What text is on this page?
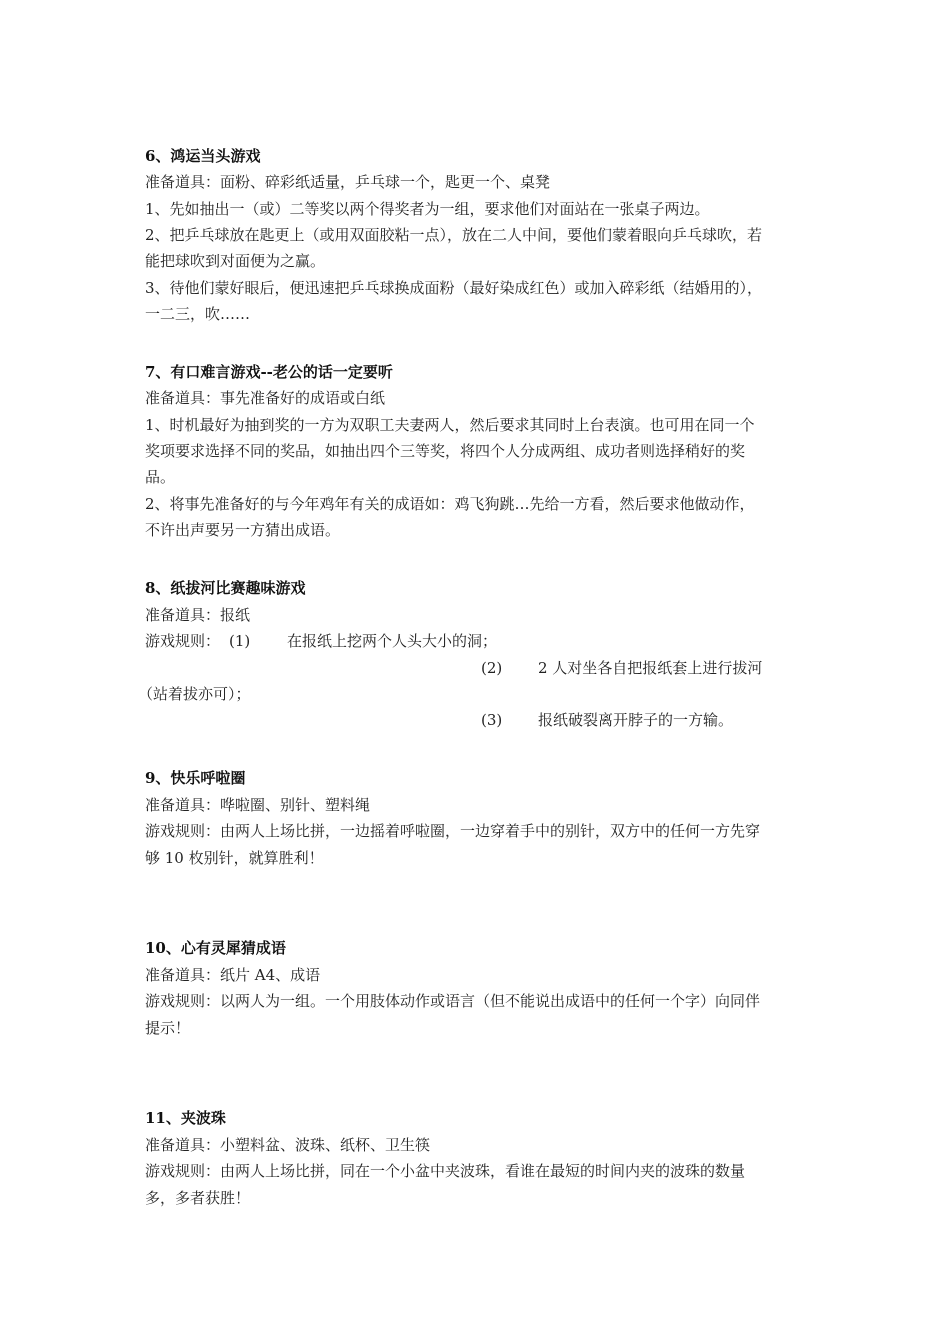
6、鸿运当头游戏
准备道具：面粉、碎彩纸适量，乒乓球一个，匙更一个、桌凳
1、先如抽出一（或）二等奖以两个得奖者为一组，要求他们对面站在一张桌子两边。
2、把乒乓球放在匙更上（或用双面胶粘一点），放在二人中间，要他们蒙着眼向乒乓球吹，若
能把球吹到对面便为之赢。
3、待他们蒙好眼后，便迅速把乒乓球换成面粉（最好染成红色）或加入碎彩纸（结婚用的），
一二三，吹……
7、有口难言游戏--老公的话一定要听
准备道具：事先准备好的成语或白纸
1、时机最好为抽到奖的一方为双职工夫妻两人，然后要求其同时上台表演。也可用在同一个
奖项要求选择不同的奖品，如抽出四个三等奖，将四个人分成两组、成功者则选择稍好的奖
品。
2、将事先准备好的与今年鸡年有关的成语如：鸡飞狗跳…先给一方看，然后要求他做动作，
不许出声要另一方猜出成语。
8、纸拔河比赛趣味游戏
准备道具：报纸
游戏规则： (1) 在报纸上挖两个人头大小的洞；
(2) 2 人对坐各自把报纸套上进行拔河
（站着拔亦可）；
(3) 报纸破裂离开脖子的一方输。
9、快乐呼啦圈
准备道具：哗啦圈、别针、塑料绳
游戏规则：由两人上场比拼，一边摇着呼啦圈，一边穿着手中的别针，双方中的任何一方先穿
够 10 枚别针，就算胜利！
10、心有灵犀猜成语
准备道具：纸片 A4、成语
游戏规则：以两人为一组。一个用肢体动作或语言（但不能说出成语中的任何一个字）向同伴
提示！
11、夹波珠
准备道具：小塑料盆、波珠、纸杯、卫生筷
游戏规则：由两人上场比拼，同在一个小盆中夹波珠，看谁在最短的时间内夹的波珠的数量
多，多者获胜！
